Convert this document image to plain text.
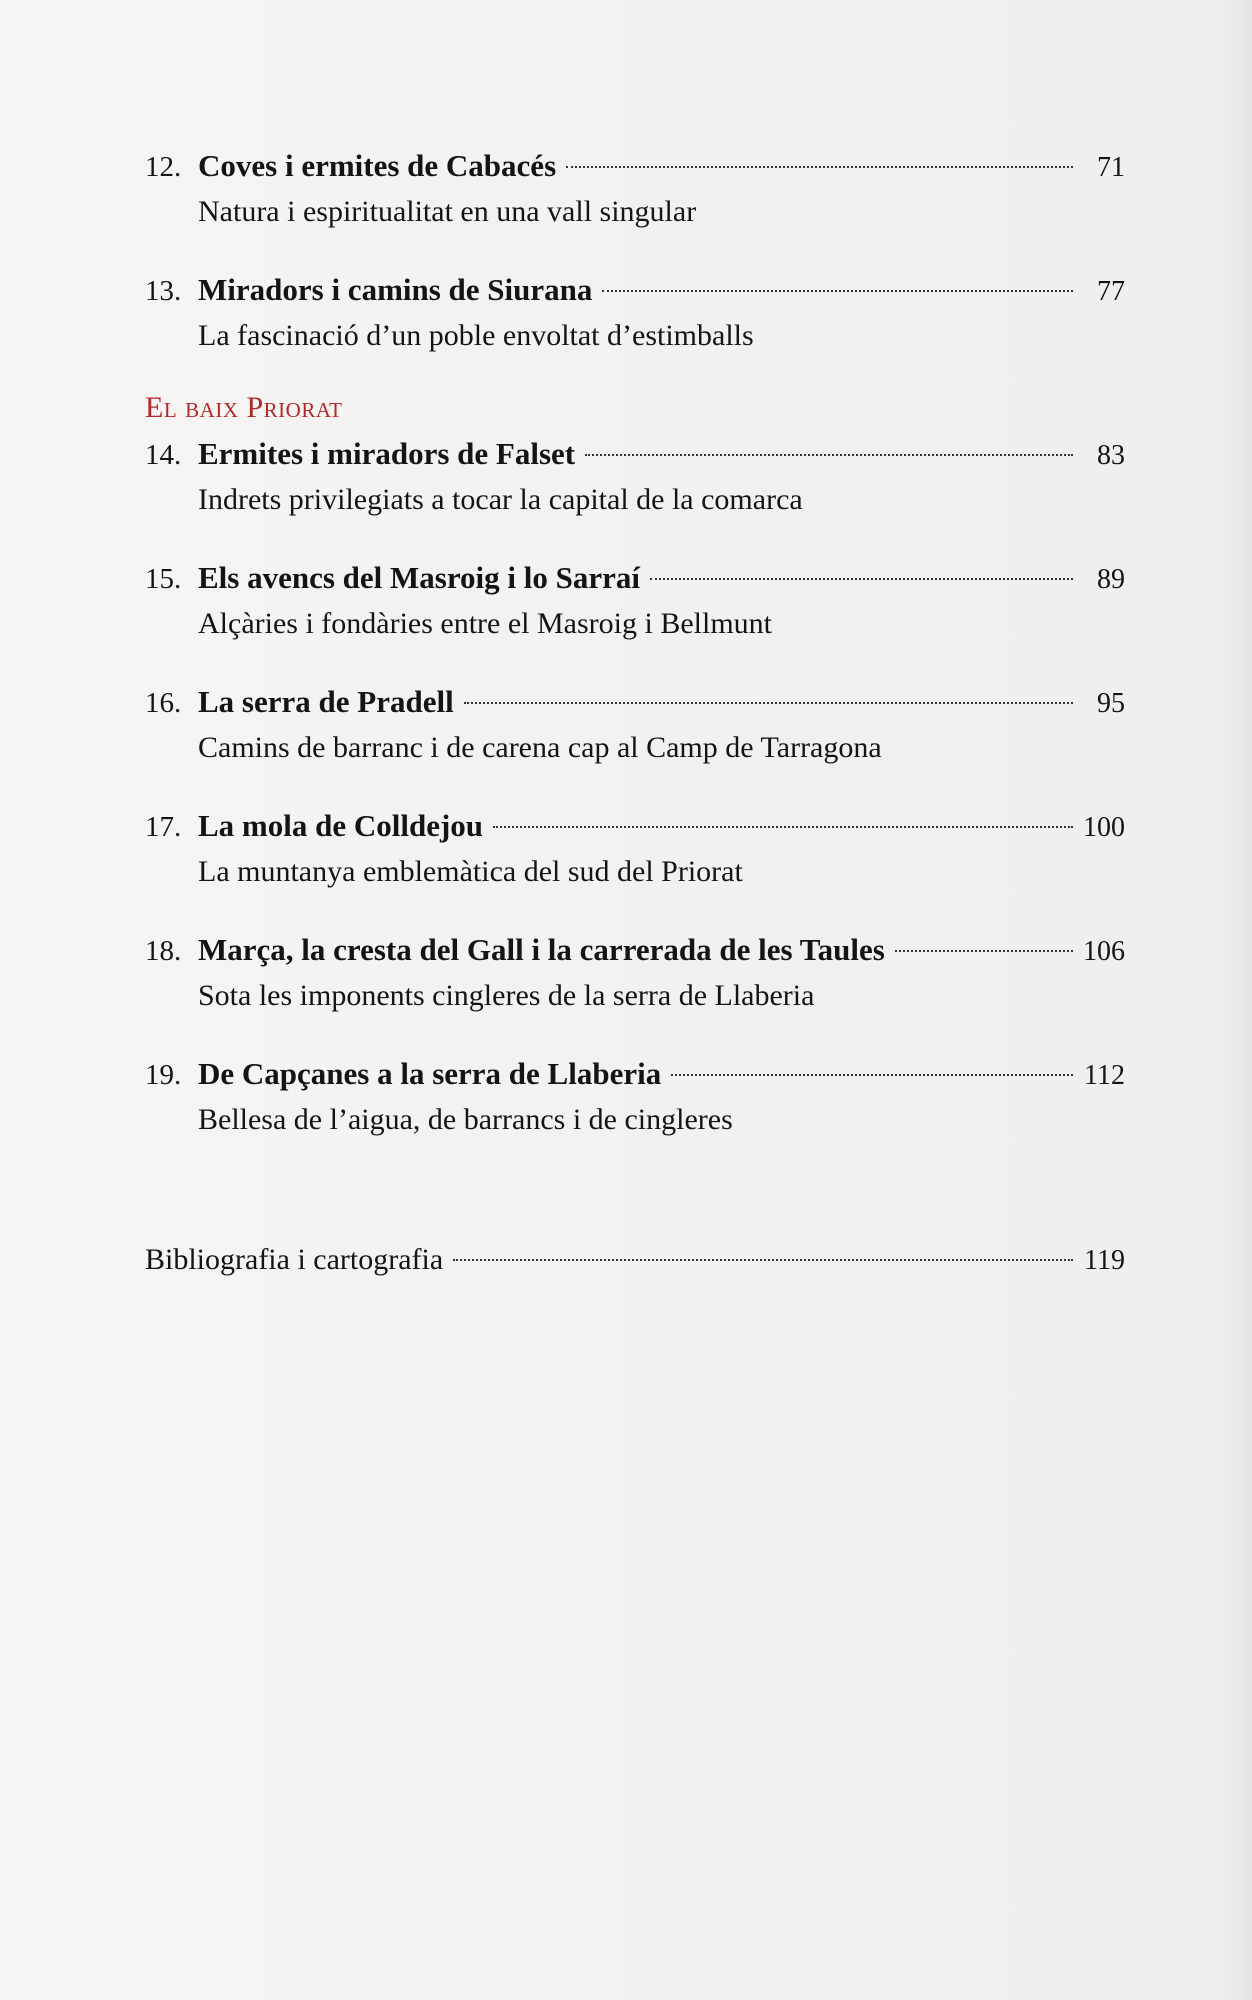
12. Coves i ermites de Cabacés	71
Natura i espiritualitat en una vall singular
13. Miradors i camins de Siurana	77
La fascinació d’un poble envoltat d’estimballs
El baix Priorat
14. Ermites i miradors de Falset	83
Indrets privilegiats a tocar la capital de la comarca
15. Els avencs del Masroig i lo Sarraí	89
Alçàries i fondàries entre el Masroig i Bellmunt
16. La serra de Pradell	95
Camins de barranc i de carena cap al Camp de Tarragona
17. La mola de Colldejou	100
La muntanya emblemàtica del sud del Priorat
18. Marça, la cresta del Gall i la carrerada de les Taules	106
Sota les imponents cingleres de la serra de Llaberia
19. De Capçanes a la serra de Llaberia	112
Bellesa de l’aigua, de barrancs i de cingleres
Bibliografia i cartografia	119
